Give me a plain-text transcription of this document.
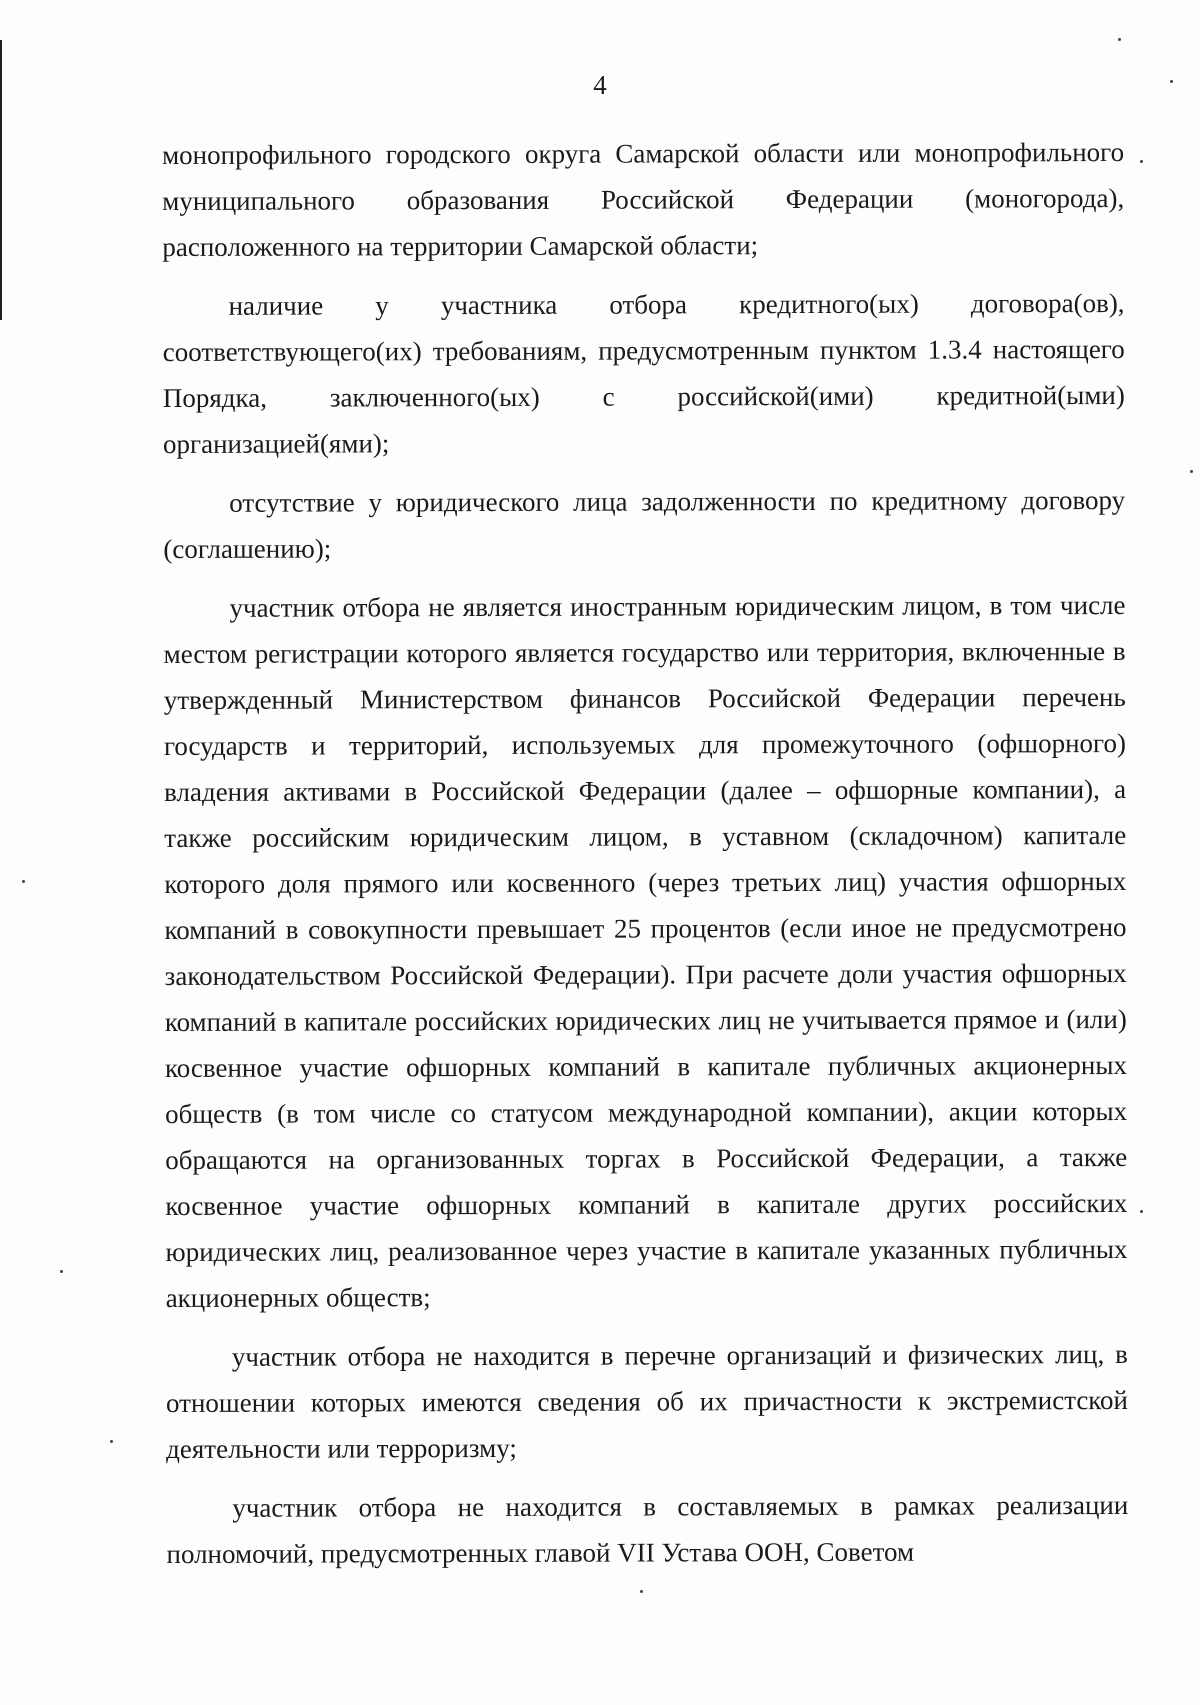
4

монопрофильного городского округа Самарской области или монопрофильного муниципального образования Российской Федерации (моногорода), расположенного на территории Самарской области;

наличие у участника отбора кредитного(ых) договора(ов), соответствующего(их) требованиям, предусмотренным пунктом 1.3.4 настоящего Порядка, заключенного(ых) с российской(ими) кредитной(ыми) организацией(ями);

отсутствие у юридического лица задолженности по кредитному договору (соглашению);

участник отбора не является иностранным юридическим лицом, в том числе местом регистрации которого является государство или территория, включенные в утвержденный Министерством финансов Российской Федерации перечень государств и территорий, используемых для промежуточного (офшорного) владения активами в Российской Федерации (далее – офшорные компании), а также российским юридическим лицом, в уставном (складочном) капитале которого доля прямого или косвенного (через третьих лиц) участия офшорных компаний в совокупности превышает 25 процентов (если иное не предусмотрено законодательством Российской Федерации). При расчете доли участия офшорных компаний в капитале российских юридических лиц не учитывается прямое и (или) косвенное участие офшорных компаний в капитале публичных акционерных обществ (в том числе со статусом международной компании), акции которых обращаются на организованных торгах в Российской Федерации, а также косвенное участие офшорных компаний в капитале других российских юридических лиц, реализованное через участие в капитале указанных публичных акционерных обществ;

участник отбора не находится в перечне организаций и физических лиц, в отношении которых имеются сведения об их причастности к экстремистской деятельности или терроризму;

участник отбора не находится в составляемых в рамках реализации полномочий, предусмотренных главой VII Устава ООН, Советом
